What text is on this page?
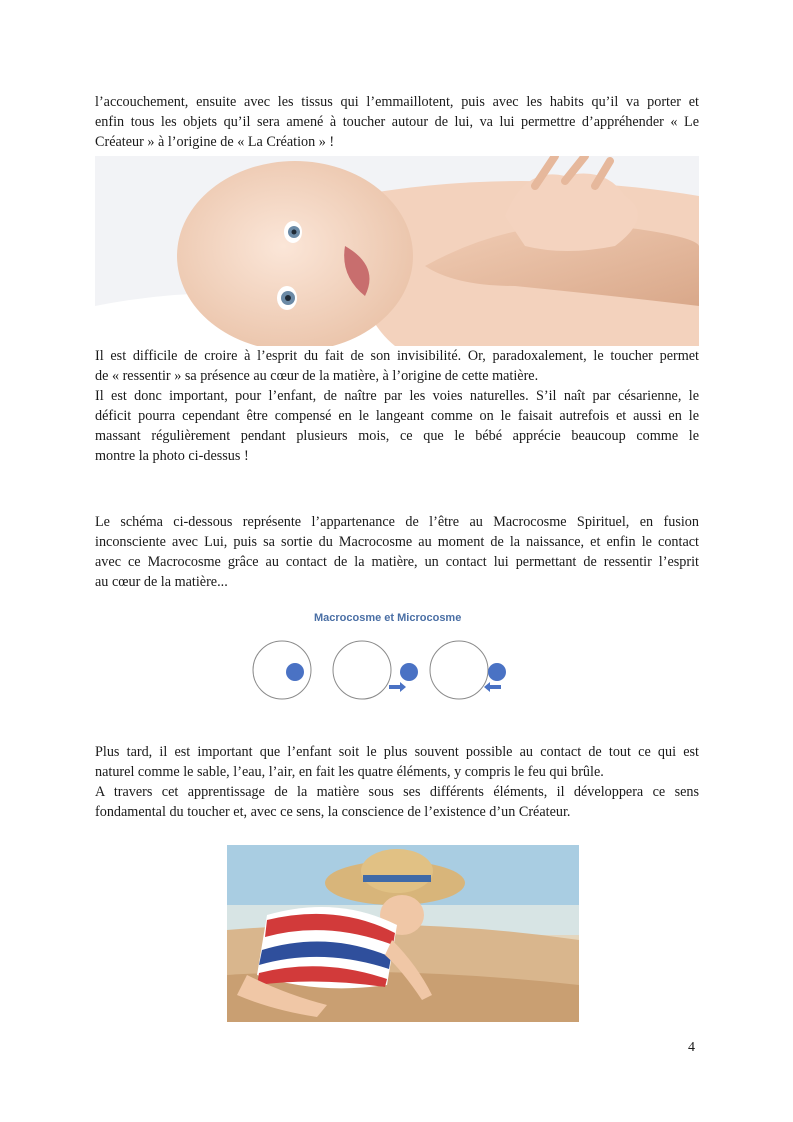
l’accouchement, ensuite avec les tissus qui l’emmaillotent, puis avec les habits qu’il va porter et
enfin tous les objets qu’il sera amené à toucher autour de lui, va lui permettre d’appréhender « Le
Créateur » à l’origine de « La Création » !

Il est difficile de croire à l’esprit du fait de son invisibilité. Or, paradoxalement, le toucher permet
de « ressentir » sa présence au cœur de la matière, à l’origine de cette matière.

Il est donc important, pour l’enfant, de naître par les voies naturelles. S’il naît par césarienne, le
déficit pourra cependant être compensé en le langeant comme on le faisait autrefois et aussi en le
massant régulièrement pendant plusieurs mois, ce que le bébé apprécie beaucoup comme le
montre la photo ci-dessus !

Le schéma ci-dessous représente l’appartenance de l’être au Macrocosme Spirituel, en fusion
inconsciente avec Lui, puis sa sortie du Macrocosme au moment de la naissance, et enfin le contact
avec ce Macrocosme grâce au contact de la matière, un contact lui permettant de ressentir l’esprit
au cœur de la matière...

Macrocosme et Microcosme

Plus tard, il est important que l’enfant soit le plus souvent possible au contact de tout ce qui est
naturel comme le sable, l’eau, l’air, en fait les quatre éléments, y compris le feu qui brûle.

A travers cet apprentissage de la matière sous ses différents éléments, il développera ce sens
fondamental du toucher et, avec ce sens, la conscience de l’existence d’un Créateur.

4
